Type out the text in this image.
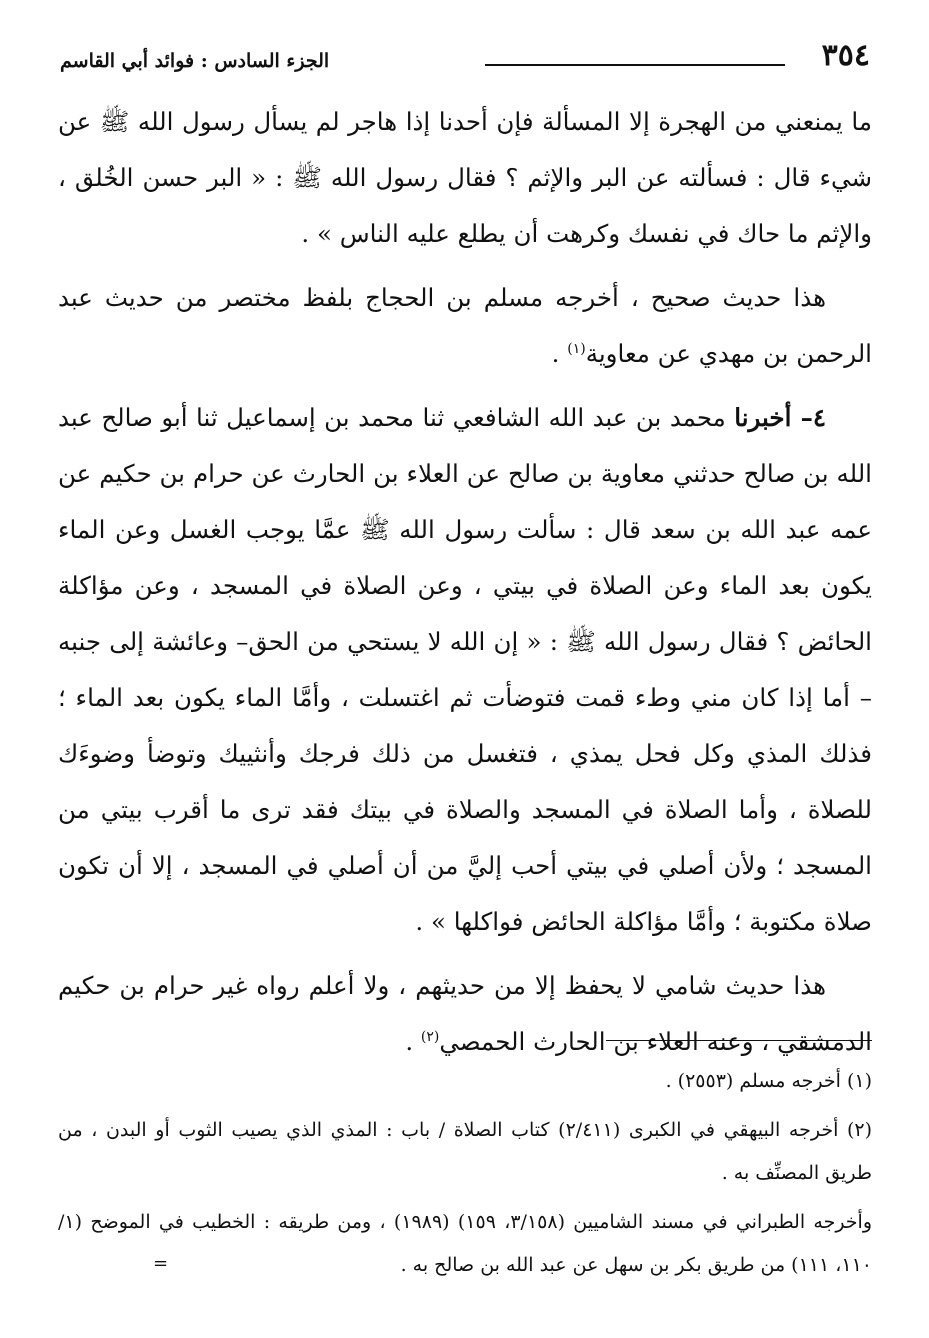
٣٥٤
الجزء السادس : فوائد أبي القاسم

ما يمنعني من الهجرة إلا المسألة فإن أحدنا إذا هاجر لم يسأل رسول الله ﷺ عن شيء قال : فسألته عن البر والإثم ؟ فقال رسول الله ﷺ : « البر حسن الخُلق ، والإثم ما حاك في نفسك وكرهت أن يطلع عليه الناس » .

هذا حديث صحيح ، أخرجه مسلم بن الحجاج بلفظ مختصر من حديث عبد الرحمن بن مهدي عن معاوية$^{(١)}$ .

٤– أخبرنا محمد بن عبد الله الشافعي ثنا محمد بن إسماعيل ثنا أبو صالح عبد الله بن صالح حدثني معاوية بن صالح عن العلاء بن الحارث عن حرام بن حكيم عن عمه عبد الله بن سعد قال : سألت رسول الله ﷺ عمَّا يوجب الغسل وعن الماء يكون بعد الماء وعن الصلاة في بيتي ، وعن الصلاة في المسجد ، وعن مؤاكلة الحائض ؟ فقال رسول الله ﷺ : « إن الله لا يستحي من الحق– وعائشة إلى جنبه – أما إذا كان مني وطء قمت فتوضأت ثم اغتسلت ، وأمَّا الماء يكون بعد الماء ؛ فذلك المذي وكل فحل يمذي ، فتغسل من ذلك فرجك وأنثييك وتوضأ وضوءَك للصلاة ، وأما الصلاة في المسجد والصلاة في بيتك فقد ترى ما أقرب بيتي من المسجد ؛ ولأن أصلي في بيتي أحب إليَّ من أن أصلي في المسجد ، إلا أن تكون صلاة مكتوبة ؛ وأمَّا مؤاكلة الحائض فواكلها » .

هذا حديث شامي لا يحفظ إلا من حديثهم ، ولا أعلم رواه غير حرام بن حكيم الدمشقي ، وعنه العلاء بن الحارث الحمصي$^{(٢)}$ .

(١) أخرجه مسلم (٢٥٥٣) .

(٢) أخرجه البيهقي في الكبرى (٢/٤١١) كتاب الصلاة / باب : المذي الذي يصيب الثوب أو البدن ، من طريق المصنِّف به .

وأخرجه الطبراني في مسند الشاميين (٣/١٥٨، ١٥٩) (١٩٨٩) ، ومن طريقه : الخطيب في الموضح (١/ ١١٠، ١١١) من طريق بكر بن سهل عن عبد الله بن صالح به .
=
